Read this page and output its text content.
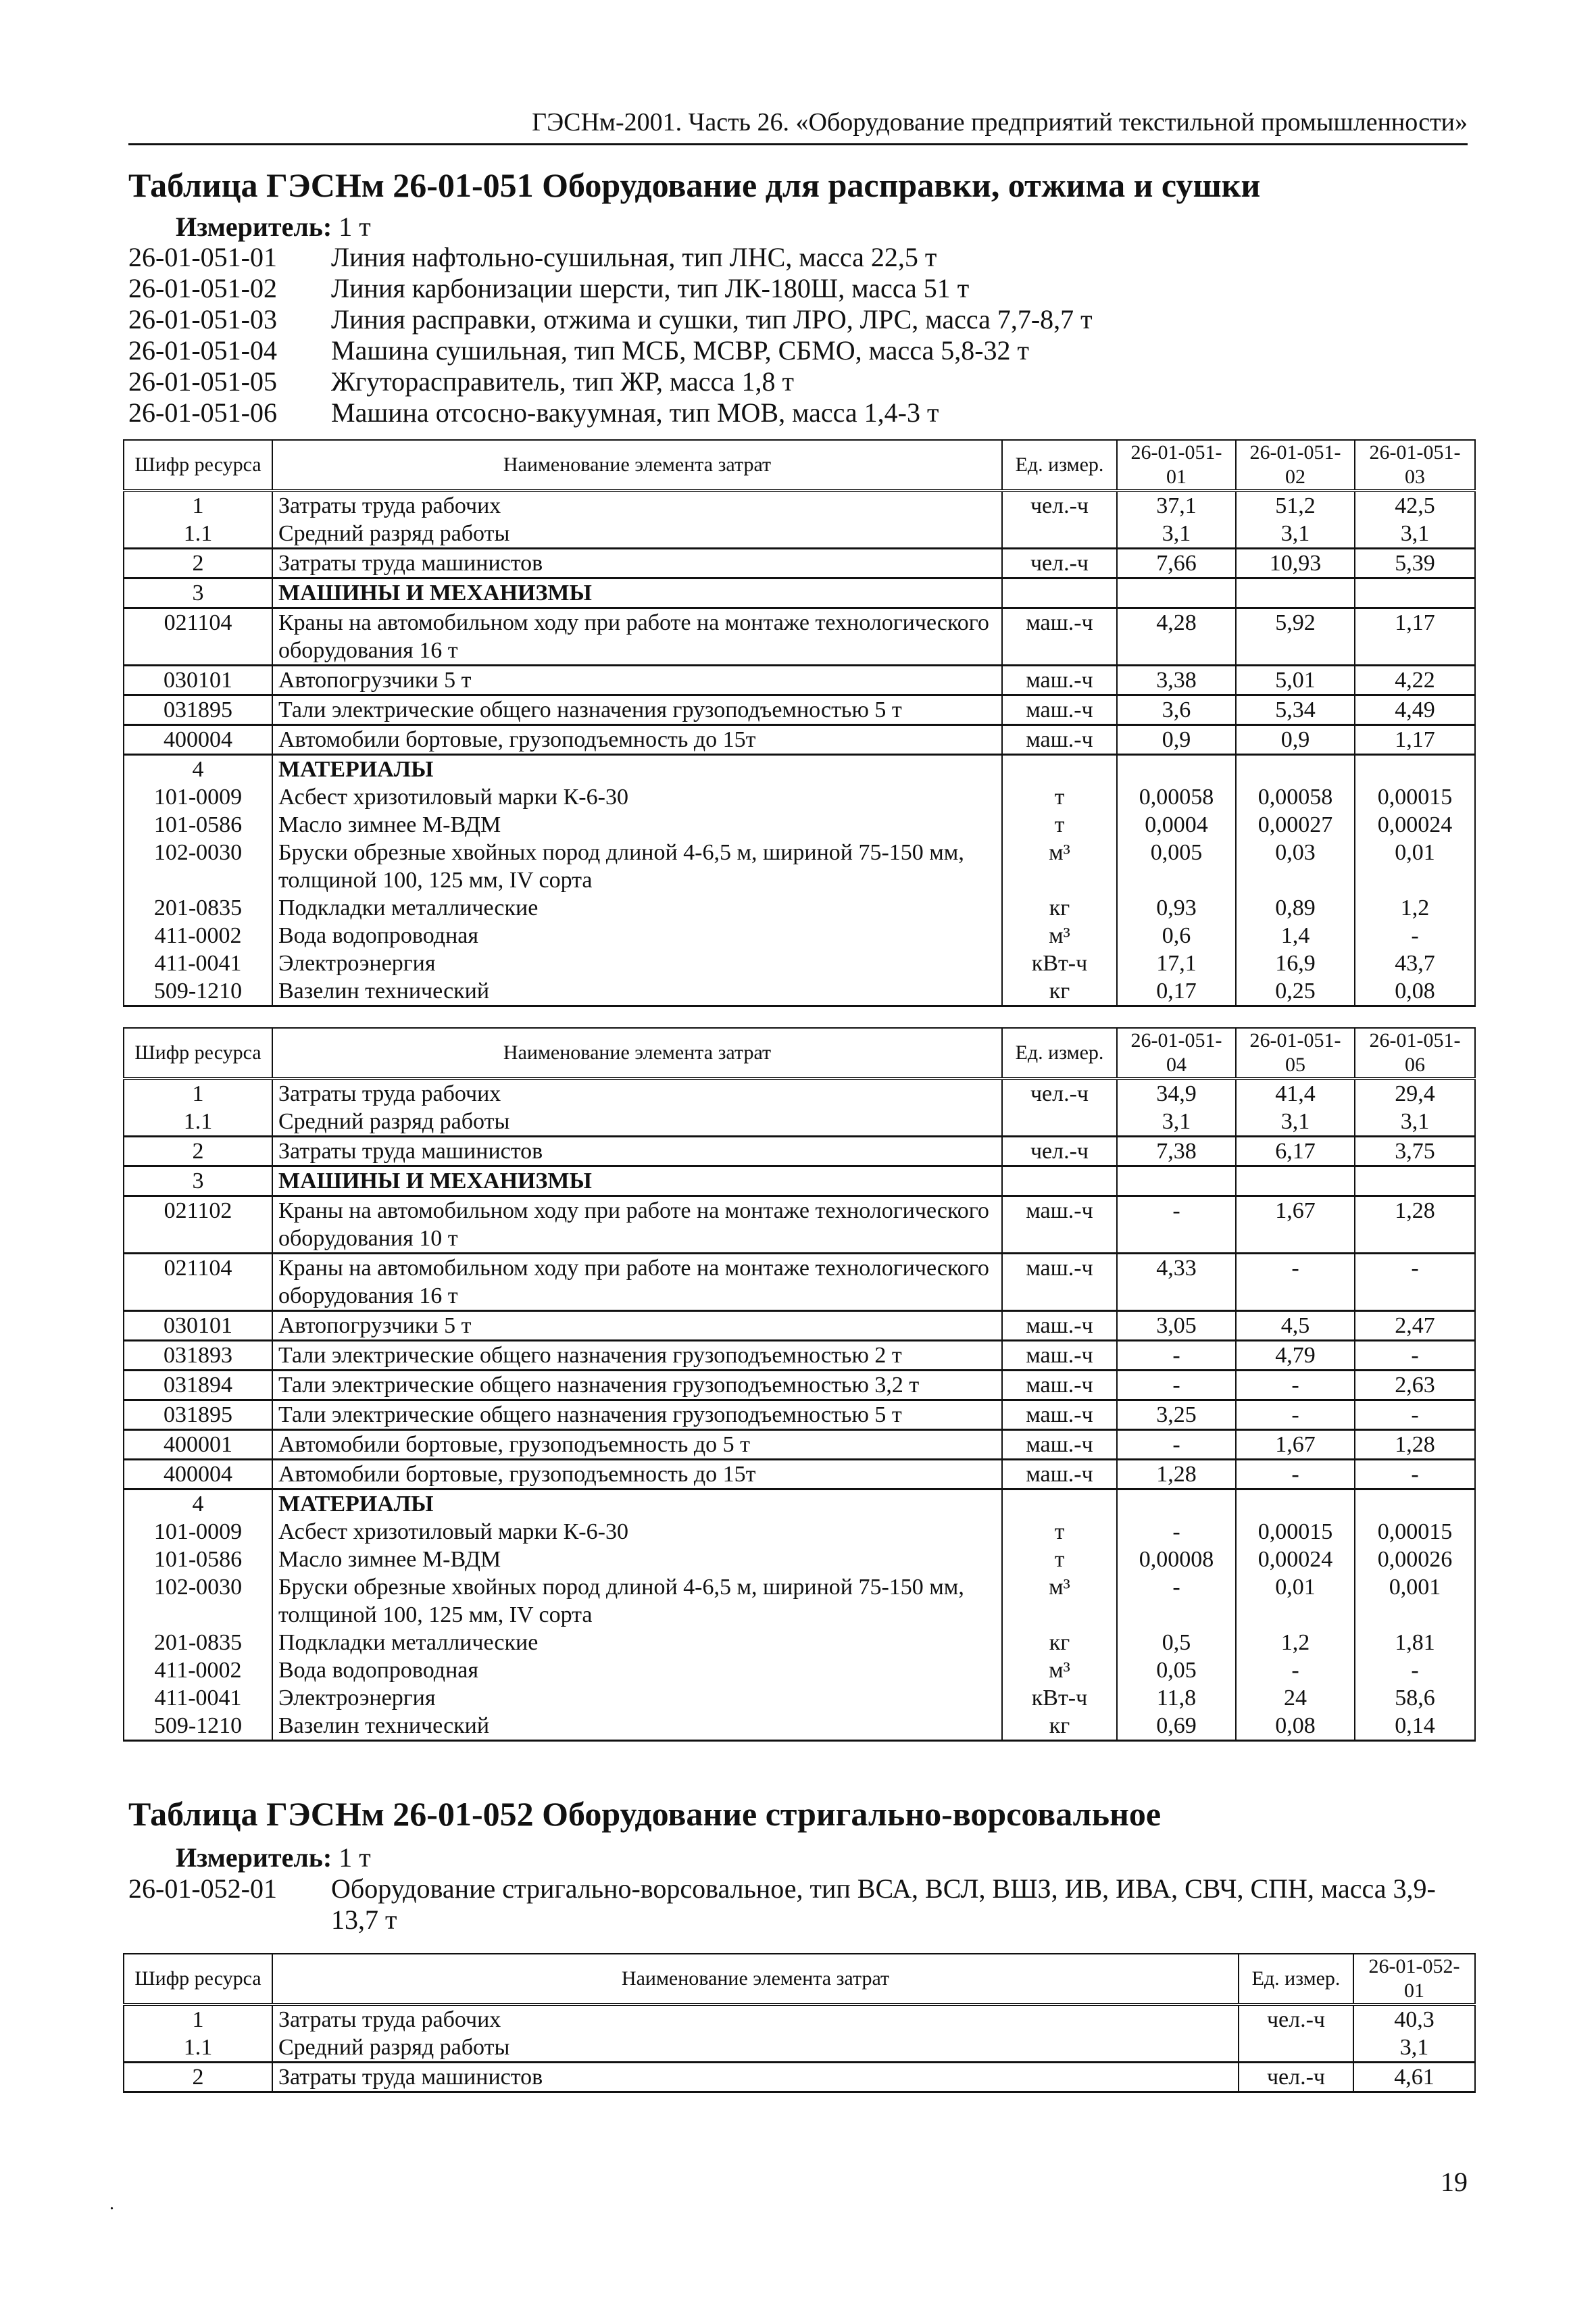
ГЭСНм-2001. Часть 26. «Оборудование предприятий текстильной промышленности»
Таблица ГЭСНм 26-01-051 Оборудование для расправки, отжима и сушки
Измеритель: 1 т
26-01-051-01	Линия нафтольно-сушильная, тип ЛНС, масса 22,5 т
26-01-051-02	Линия карбонизации шерсти, тип ЛК-180Ш, масса 51 т
26-01-051-03	Линия расправки, отжима и сушки, тип ЛРО, ЛРС, масса 7,7-8,7 т
26-01-051-04	Машина сушильная, тип МСБ, МСВР, СБМО, масса 5,8-32 т
26-01-051-05	Жгуторасправитель, тип ЖР, масса 1,8 т
26-01-051-06	Машина отсосно-вакуумная, тип МОВ, масса 1,4-3 т
Шифр ресурса	Наименование элемента затрат	Ед. измер.	26-01-051-01	26-01-051-02	26-01-051-03
1	Затраты труда рабочих	чел.-ч	37,1	51,2	42,5
1.1	Средний разряд работы		3,1	3,1	3,1
2	Затраты труда машинистов	чел.-ч	7,66	10,93	5,39
3	МАШИНЫ И МЕХАНИЗМЫ				
021104	Краны на автомобильном ходу при работе на монтаже технологического оборудования 16 т	маш.-ч	4,28	5,92	1,17
030101	Автопогрузчики 5 т	маш.-ч	3,38	5,01	4,22
031895	Тали электрические общего назначения грузоподъемностью 5 т	маш.-ч	3,6	5,34	4,49
400004	Автомобили бортовые, грузоподъемность до 15т	маш.-ч	0,9	0,9	1,17
4	МАТЕРИАЛЫ				
101-0009	Асбест хризотиловый марки К-6-30	т	0,00058	0,00058	0,00015
101-0586	Масло зимнее М-ВДМ	т	0,0004	0,00027	0,00024
102-0030	Бруски обрезные хвойных пород длиной 4-6,5 м, шириной 75-150 мм, толщиной 100, 125 мм, IV сорта	м³	0,005	0,03	0,01
201-0835	Подкладки металлические	кг	0,93	0,89	1,2
411-0002	Вода водопроводная	м³	0,6	1,4	-
411-0041	Электроэнергия	кВт-ч	17,1	16,9	43,7
509-1210	Вазелин технический	кг	0,17	0,25	0,08
Шифр ресурса	Наименование элемента затрат	Ед. измер.	26-01-051-04	26-01-051-05	26-01-051-06
1	Затраты труда рабочих	чел.-ч	34,9	41,4	29,4
1.1	Средний разряд работы		3,1	3,1	3,1
2	Затраты труда машинистов	чел.-ч	7,38	6,17	3,75
3	МАШИНЫ И МЕХАНИЗМЫ				
021102	Краны на автомобильном ходу при работе на монтаже технологического оборудования 10 т	маш.-ч	-	1,67	1,28
021104	Краны на автомобильном ходу при работе на монтаже технологического оборудования 16 т	маш.-ч	4,33	-	-
030101	Автопогрузчики 5 т	маш.-ч	3,05	4,5	2,47
031893	Тали электрические общего назначения грузоподъемностью 2 т	маш.-ч	-	4,79	-
031894	Тали электрические общего назначения грузоподъемностью 3,2 т	маш.-ч	-	-	2,63
031895	Тали электрические общего назначения грузоподъемностью 5 т	маш.-ч	3,25	-	-
400001	Автомобили бортовые, грузоподъемность до 5 т	маш.-ч	-	1,67	1,28
400004	Автомобили бортовые, грузоподъемность до 15т	маш.-ч	1,28	-	-
4	МАТЕРИАЛЫ				
101-0009	Асбест хризотиловый марки К-6-30	т	-	0,00015	0,00015
101-0586	Масло зимнее М-ВДМ	т	0,00008	0,00024	0,00026
102-0030	Бруски обрезные хвойных пород длиной 4-6,5 м, шириной 75-150 мм, толщиной 100, 125 мм, IV сорта	м³	-	0,01	0,001
201-0835	Подкладки металлические	кг	0,5	1,2	1,81
411-0002	Вода водопроводная	м³	0,05	-	-
411-0041	Электроэнергия	кВт-ч	11,8	24	58,6
509-1210	Вазелин технический	кг	0,69	0,08	0,14
Таблица ГЭСНм 26-01-052 Оборудование стригально-ворсовальное
Измеритель: 1 т
26-01-052-01	Оборудование стригально-ворсовальное, тип ВСА, ВСЛ, ВШЗ, ИВ, ИВА, СВЧ, СПН, масса 3,9-13,7 т
Шифр ресурса	Наименование элемента затрат	Ед. измер.	26-01-052-01
1	Затраты труда рабочих	чел.-ч	40,3
1.1	Средний разряд работы		3,1
2	Затраты труда машинистов	чел.-ч	4,61
.
19
